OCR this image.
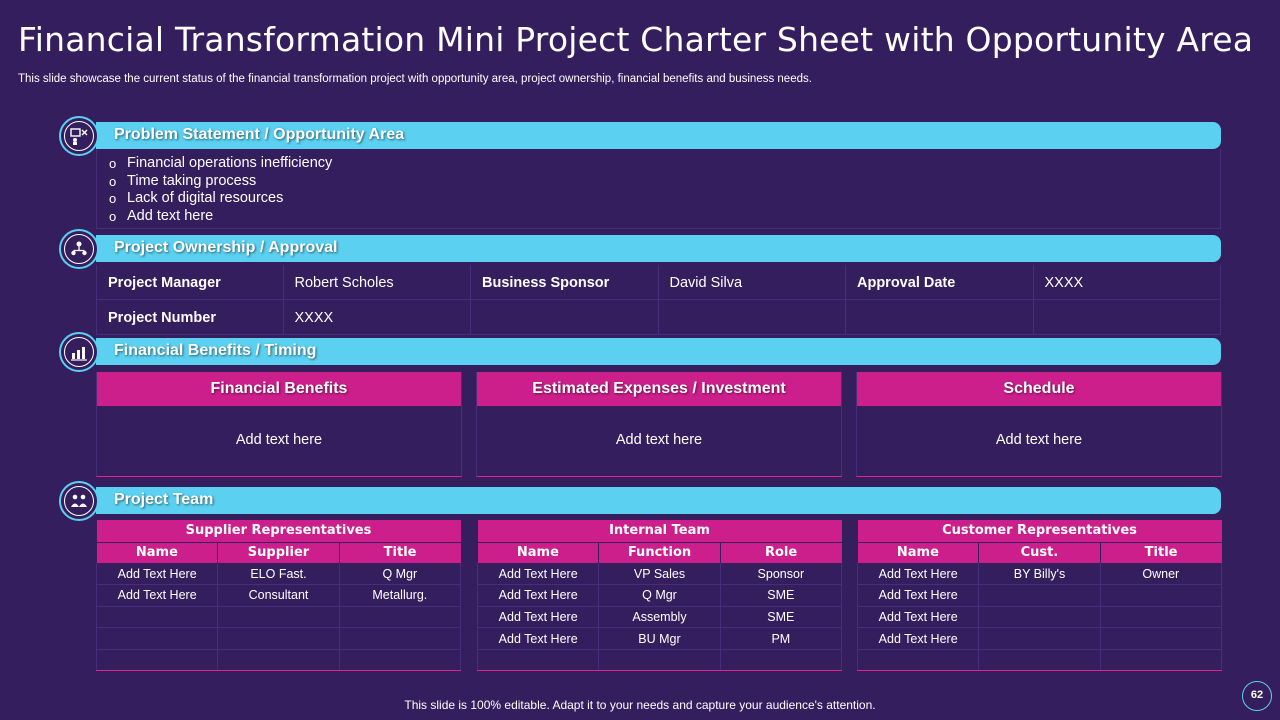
Financial Transformation Mini Project Charter Sheet with Opportunity Area
This slide showcase the current status of the financial transformation project with opportunity area, project ownership, financial benefits and business needs.
Problem Statement / Opportunity Area
o Financial operations inefficiency
o Time taking process
o Lack of digital resources
o Add text here
Project Ownership / Approval
Project Manager	Robert Scholes	Business Sponsor	David Silva	Approval Date	XXXX
Project Number	XXXX
Financial Benefits / Timing
Financial Benefits
Add text here
Estimated Expenses / Investment
Add text here
Schedule
Add text here
Project Team
Supplier Representatives		
Name	Supplier	Title
Add Text Here	ELO Fast.	Q Mgr
Add Text Here	Consultant	Metallurg.

Internal Team		
Name	Function	Role
Add Text Here	VP Sales	Sponsor
Add Text Here	Q Mgr	SME
Add Text Here	Assembly	SME
Add Text Here	BU Mgr	PM

Customer Representatives		
Name	Cust.	Title
Add Text Here	BY Billy's	Owner
Add Text Here		
Add Text Here		
Add Text Here		

This slide is 100% editable. Adapt it to your needs and capture your audience's attention.
62
